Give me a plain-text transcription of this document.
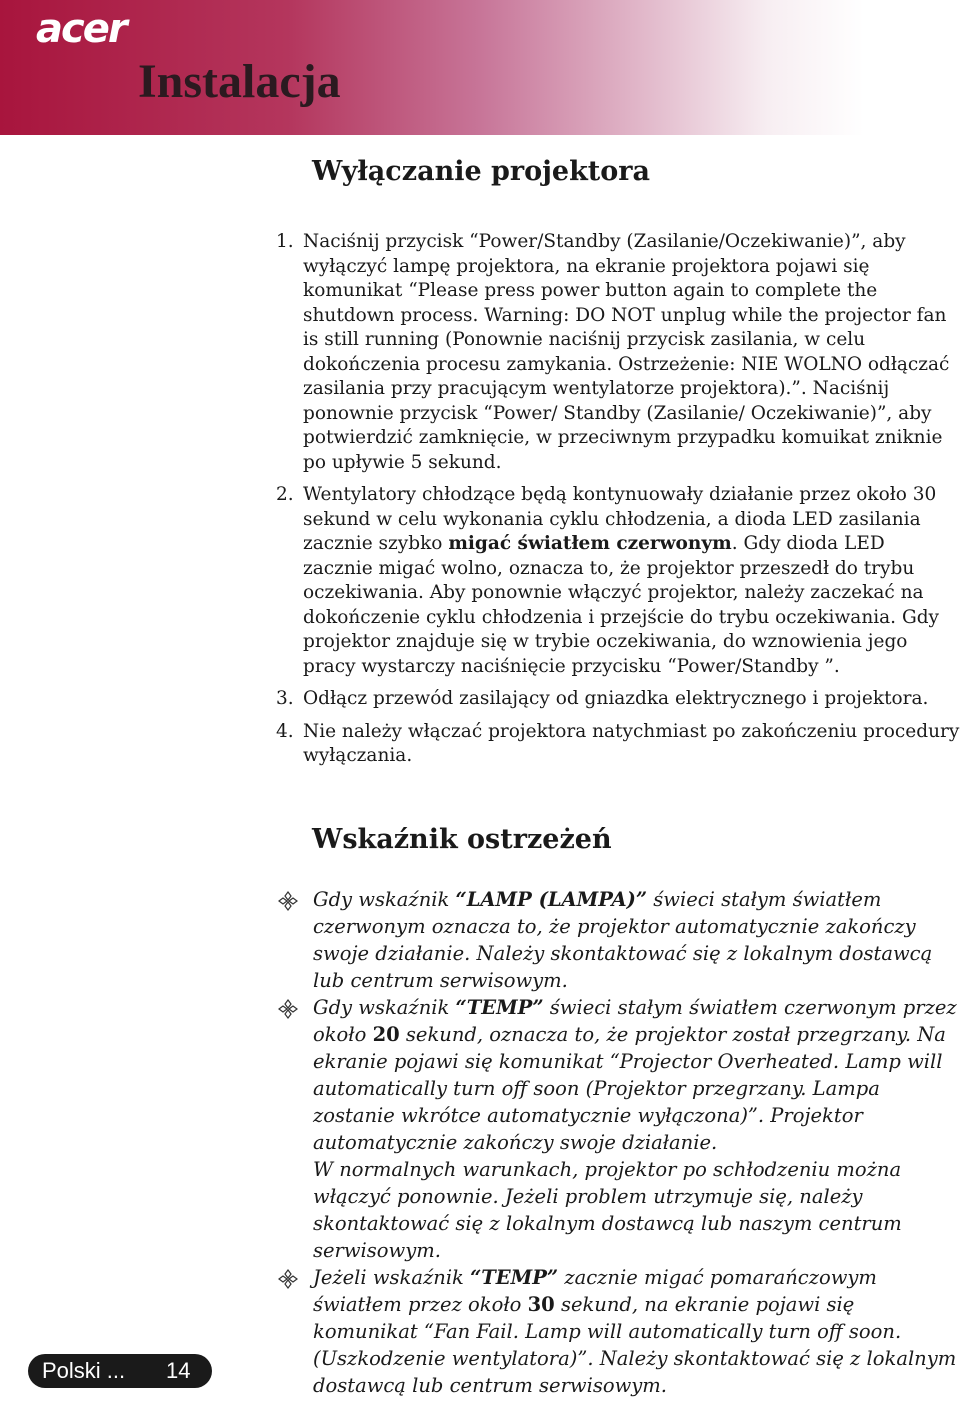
acer
Instalacja
Wyłączanie projektora
1. Naciśnij przycisk “Power/Standby (Zasilanie/Oczekiwanie)”, aby wyłączyć lampę projektora, na ekranie projektora pojawi się komunikat “Please press power button again to complete the shutdown process. Warning: DO NOT unplug while the projector fan is still running (Ponownie naciśnij przycisk zasilania, w celu dokończenia procesu zamykania. Ostrzeżenie: NIE WOLNO odłączać zasilania przy pracującym wentylatorze projektora).”. Naciśnij ponownie przycisk “Power/ Standby (Zasilanie/ Oczekiwanie)”, aby potwierdzić zamknięcie, w przeciwnym przypadku komuikat zniknie po upływie 5 sekund.
2. Wentylatory chłodzące będą kontynuowały działanie przez około 30 sekund w celu wykonania cyklu chłodzenia, a dioda LED zasilania zacznie szybko migać światłem czerwonym. Gdy dioda LED zacznie migać wolno, oznacza to, że projektor przeszedł do trybu oczekiwania. Aby ponownie włączyć projektor, należy zaczekać na dokończenie cyklu chłodzenia i przejście do trybu oczekiwania. Gdy projektor znajduje się w trybie oczekiwania, do wznowienia jego pracy wystarczy naciśnięcie przycisku “Power/Standby ”.
3. Odłącz przewód zasilający od gniazdka elektrycznego i projektora.
4. Nie należy włączać projektora natychmiast po zakończeniu procedury wyłączania.
Wskaźnik ostrzeżeń
Gdy wskaźnik “LAMP (LAMPA)” świeci stałym światłem czerwonym oznacza to, że projektor automatycznie zakończy swoje działanie. Należy skontaktować się z lokalnym dostawcą lub centrum serwisowym.
Gdy wskaźnik “TEMP” świeci stałym światłem czerwonym przez około 20 sekund, oznacza to, że projektor został przegrzany. Na ekranie pojawi się komunikat “Projector Overheated. Lamp will automatically turn off soon (Projektor przegrzany. Lampa zostanie wkrótce automatycznie wyłączona)”. Projektor automatycznie zakończy swoje działanie.
W normalnych warunkach, projektor po schłodzeniu można włączyć ponownie. Jeżeli problem utrzymuje się, należy skontaktować się z lokalnym dostawcą lub naszym centrum serwisowym.
Jeżeli wskaźnik “TEMP” zacznie migać pomarańczowym światłem przez około 30 sekund, na ekranie pojawi się komunikat “Fan Fail. Lamp will automatically turn off soon.(Uszkodzenie wentylatora)”. Należy skontaktować się z lokalnym dostawcą lub centrum serwisowym.
Polski ... 14
